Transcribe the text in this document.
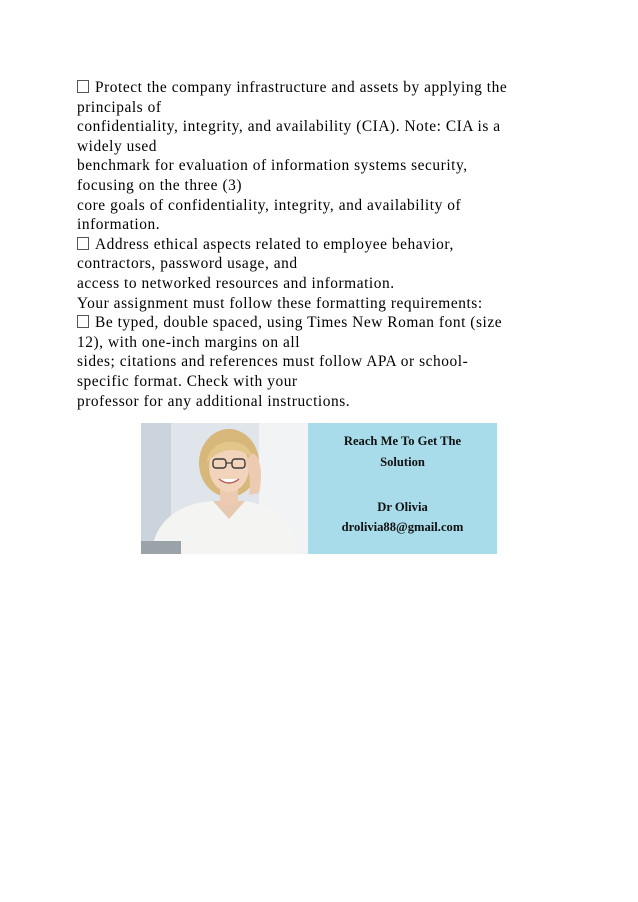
Protect the company infrastructure and assets by applying the
principals of
confidentiality, integrity, and availability (CIA). Note: CIA is a
widely used
benchmark for evaluation of information systems security,
focusing on the three (3)
core goals of confidentiality, integrity, and availability of
information.
Address ethical aspects related to employee behavior,
contractors, password usage, and
access to networked resources and information.
Your assignment must follow these formatting requirements:
Be typed, double spaced, using Times New Roman font (size
12), with one-inch margins on all
sides; citations and references must follow APA or school-
specific format. Check with your
professor for any additional instructions.
Reach Me To Get The
Solution
Dr Olivia
drolivia88@gmail.com
